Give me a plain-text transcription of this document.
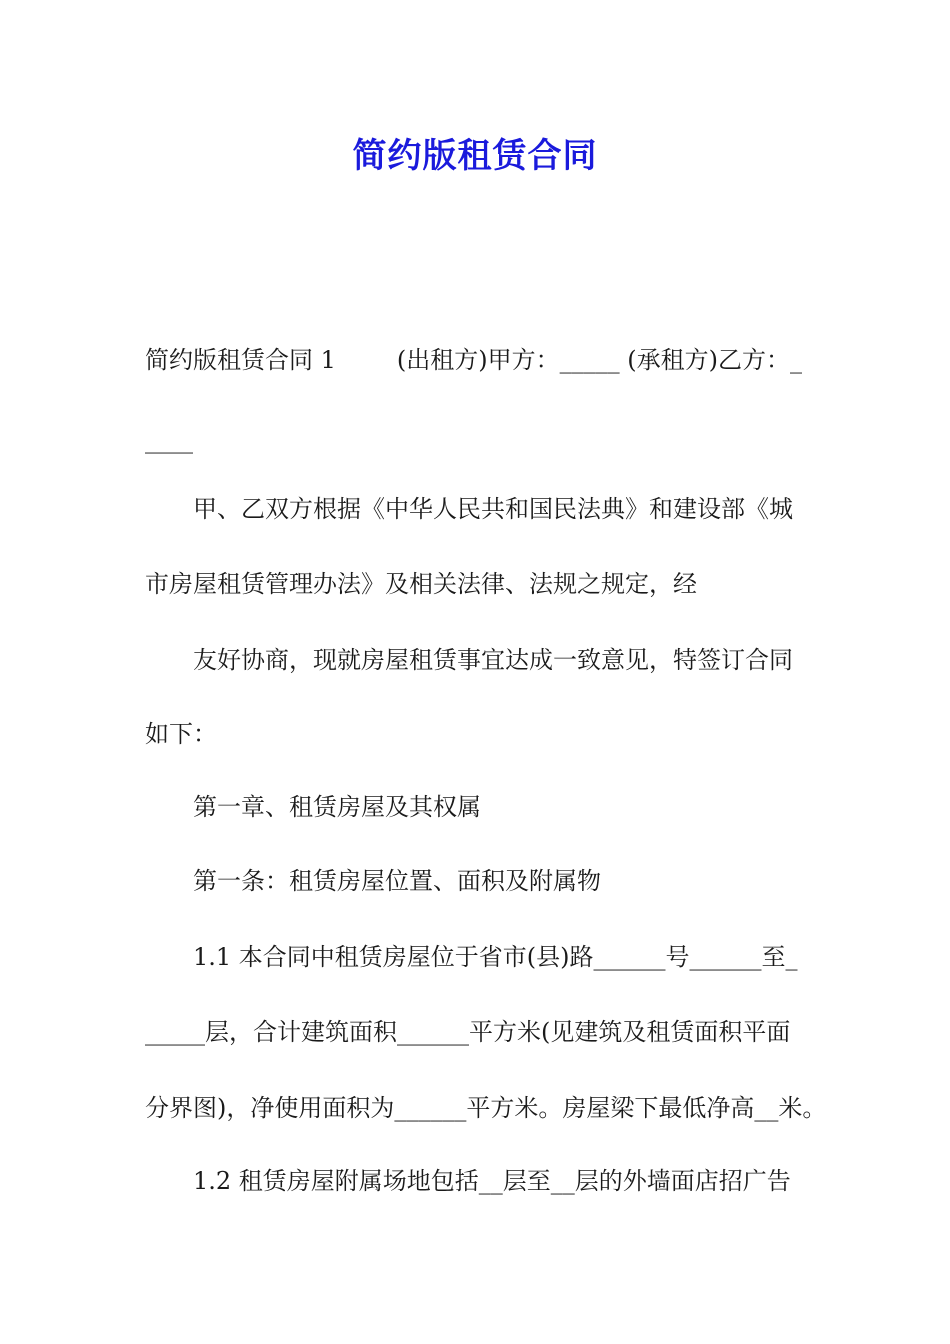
简约版租赁合同
简约版租赁合同 1        (出租方)甲方：_____ (承租方)乙方：_
____
甲、乙双方根据《中华人民共和国民法典》和建设部《城
市房屋租赁管理办法》及相关法律、法规之规定，经
友好协商，现就房屋租赁事宜达成一致意见，特签订合同
如下：
第一章、租赁房屋及其权属
第一条：租赁房屋位置、面积及附属物
1.1 本合同中租赁房屋位于省市(县)路______号______至_
_____层，合计建筑面积______平方米(见建筑及租赁面积平面
分界图)，净使用面积为______平方米。房屋梁下最低净高__米。
1.2 租赁房屋附属场地包括__层至__层的外墙面店招广告
